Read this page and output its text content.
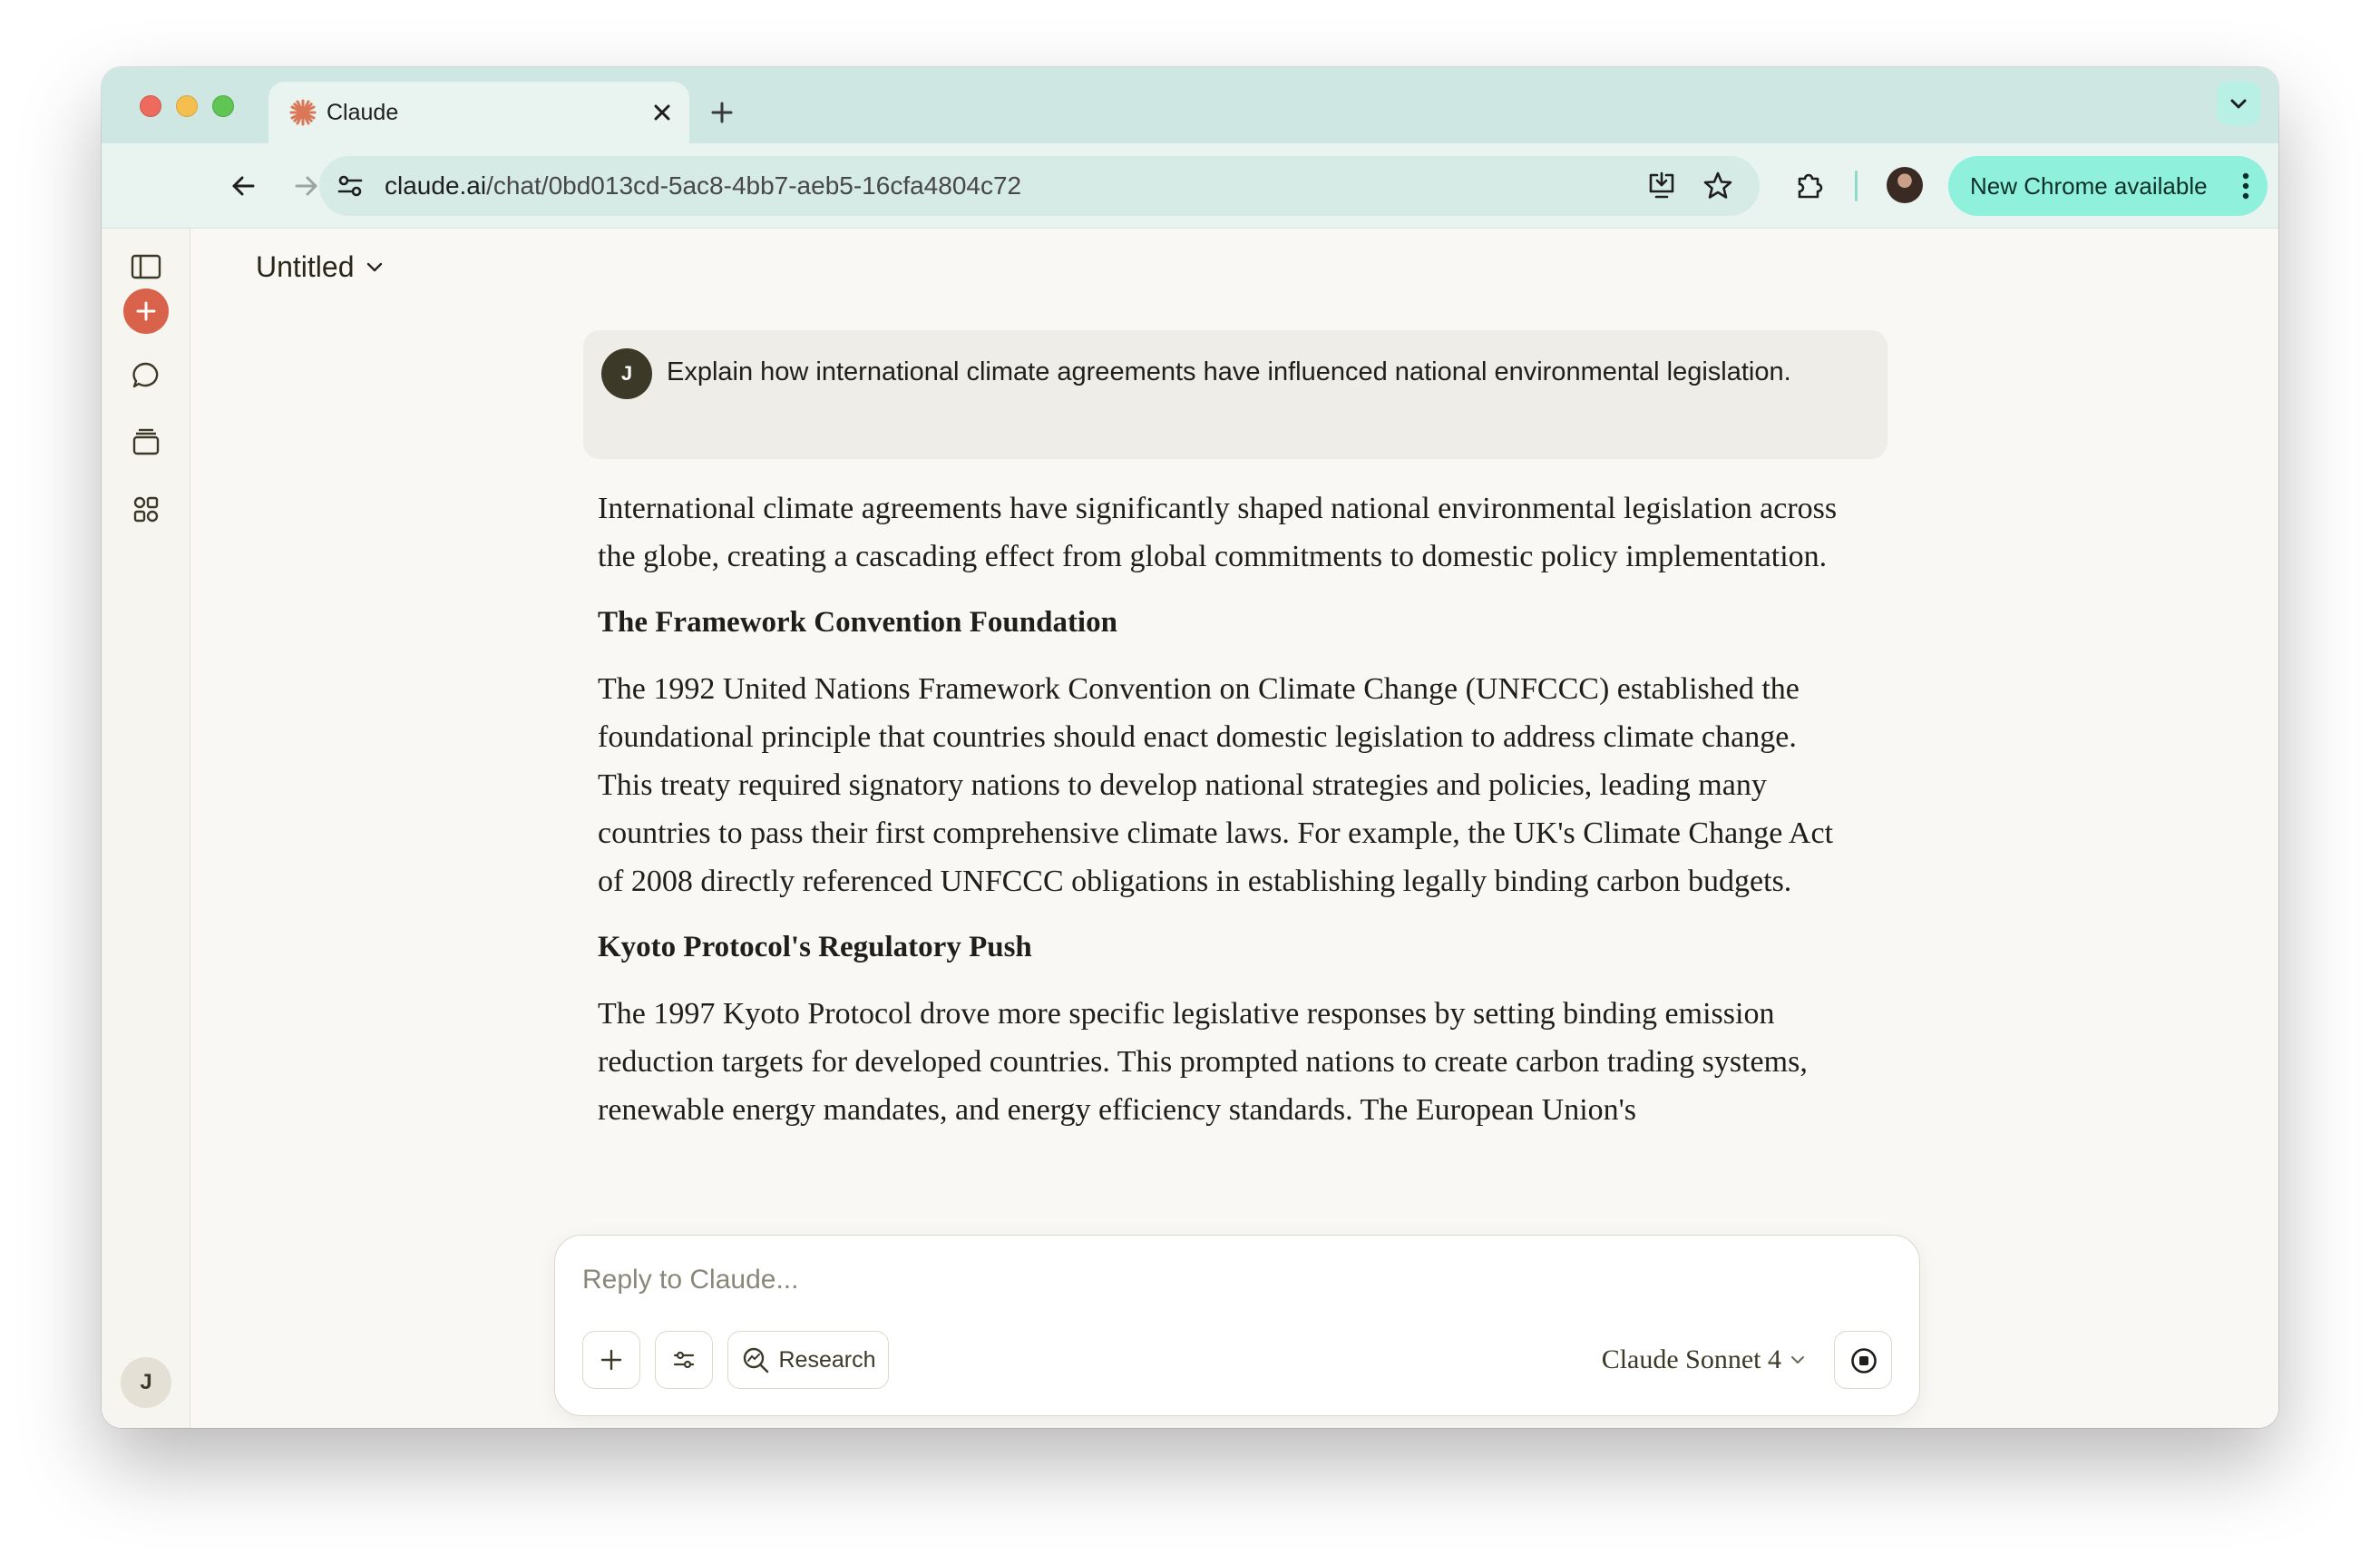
Claude
claude.ai/chat/0bd013cd-5ac8-4bb7-aeb5-16cfa4804c72	New Chrome available
J
Untitled
J	Explain how international climate agreements have influenced national environmental legislation.

International climate agreements have significantly shaped national environmental legislation across the globe, creating a cascading effect from global commitments to domestic policy implementation.

The Framework Convention Foundation

The 1992 United Nations Framework Convention on Climate Change (UNFCCC) established the foundational principle that countries should enact domestic legislation to address climate change. This treaty required signatory nations to develop national strategies and policies, leading many countries to pass their first comprehensive climate laws. For example, the UK's Climate Change Act of 2008 directly referenced UNFCCC obligations in establishing legally binding carbon budgets.

Kyoto Protocol's Regulatory Push

The 1997 Kyoto Protocol drove more specific legislative responses by setting binding emission reduction targets for developed countries. This prompted nations to create carbon trading systems, renewable energy mandates, and energy efficiency standards. The European Union's

Reply to Claude...
Research	Claude Sonnet 4
